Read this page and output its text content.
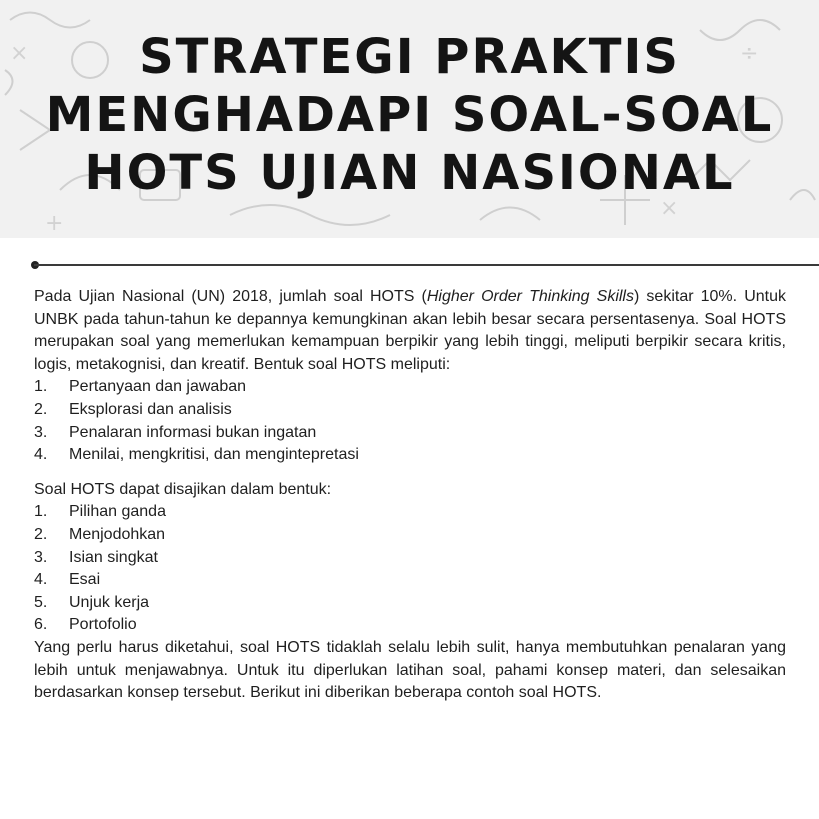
×
×
÷
+
STRATEGI PRAKTIS
MENGHADAPI SOAL-SOAL
HOTS UJIAN NASIONAL

Pada Ujian Nasional (UN) 2018, jumlah soal HOTS (Higher Order Thinking Skills) sekitar 10%. Untuk UNBK pada tahun-tahun ke depannya kemungkinan akan lebih besar secara persentasenya. Soal HOTS merupakan soal yang memerlukan kemampuan berpikir yang lebih tinggi, meliputi berpikir secara kritis, logis, metakognisi, dan kreatif. Bentuk soal HOTS meliputi:

1.	Pertanyaan dan jawaban
2.	Eksplorasi dan analisis
3.	Penalaran informasi bukan ingatan
4.	Menilai, mengkritisi, dan mengintepretasi

Soal HOTS dapat disajikan dalam bentuk:

1.	Pilihan ganda
2.	Menjodohkan
3.	Isian singkat
4.	Esai
5.	Unjuk kerja
6.	Portofolio

Yang perlu harus diketahui, soal HOTS tidaklah selalu lebih sulit, hanya membutuhkan penalaran yang lebih untuk menjawabnya. Untuk itu diperlukan latihan soal, pahami konsep materi, dan selesaikan berdasarkan konsep tersebut. Berikut ini diberikan beberapa contoh soal HOTS.
